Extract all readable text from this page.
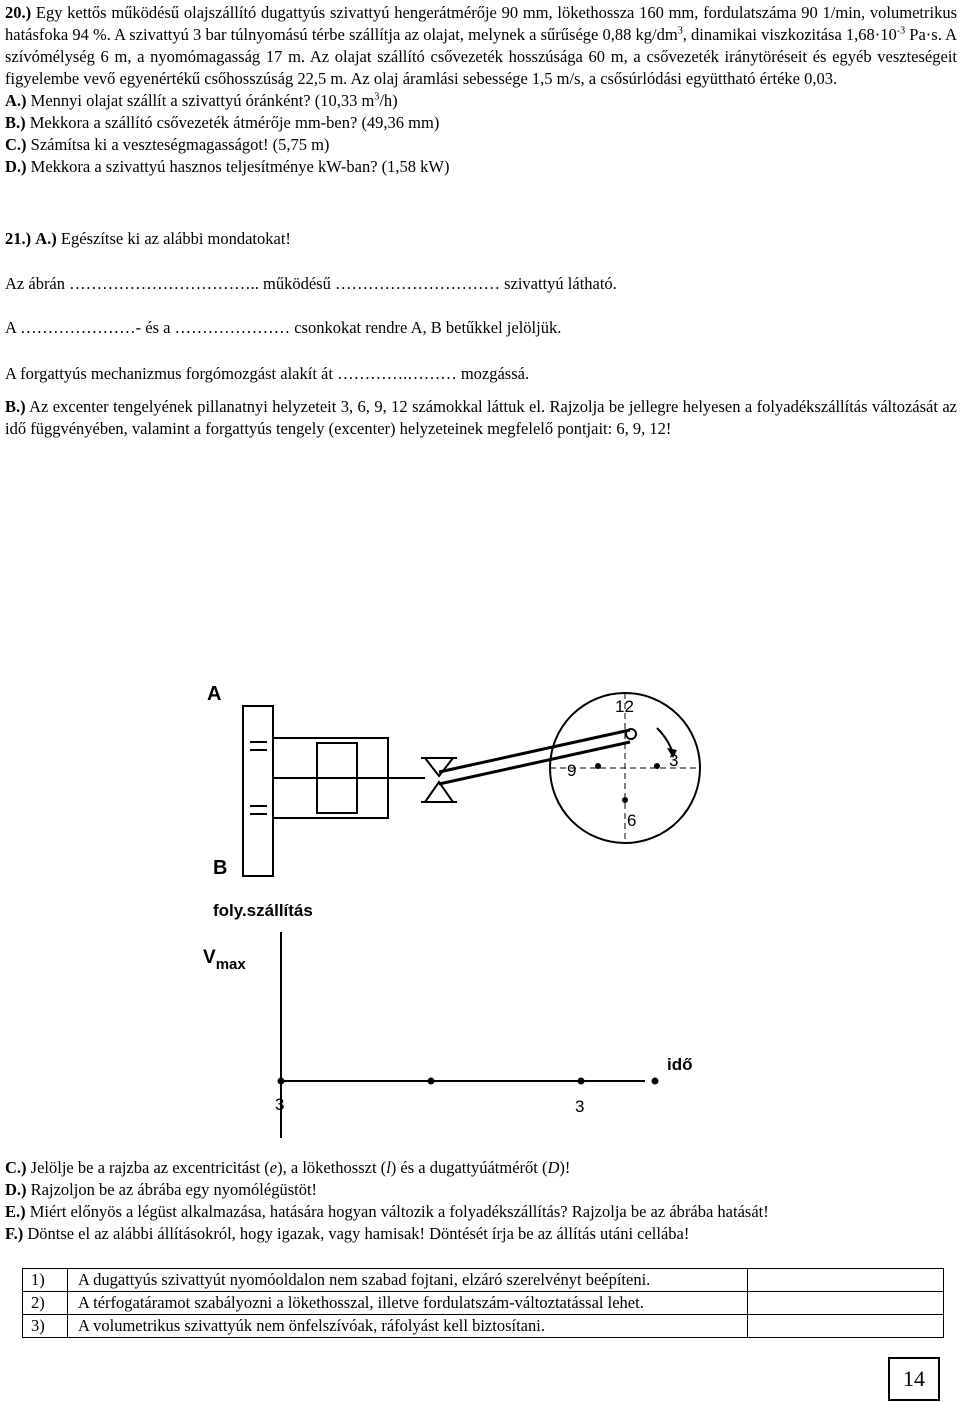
20.) Egy kettős működésű olajszállító dugattyús szivattyú hengerátmérője 90 mm, lökethossza 160 mm, fordulatszáma 90 1/min, volumetrikus hatásfoka 94 %. A szivattyú 3 bar túlnyomású térbe szállítja az olajat, melynek a sűrűsége 0,88 $kg/dm^3$, dinamikai viszkozitása $1,68\cdot 10^{-3}$ Pa·s. A szívómélység 6 m, a nyomómagasság 17 m. Az olajat szállító csővezeték hosszúsága 60 m, a csővezeték iránytöréseit és egyéb veszteségeit figyelembe vevő egyenértékű csőhosszúság 22,5 m. Az olaj áramlási sebessége 1,5 m/s, a csősúrlódási együttható értéke 0,03.
A.) Mennyi olajat szállít a szivattyú óránként? (10,33 $m^3/h$)
B.) Mekkora a szállító csővezeték átmérője mm-ben? (49,36 mm)
C.) Számítsa ki a veszteségmagasságot! (5,75 m)
D.) Mekkora a szivattyú hasznos teljesítménye kW-ban? (1,58 kW)
21.) A.) Egészítse ki az alábbi mondatokat!
Az ábrán …………………………….. működésű ………………………… szivattyú látható.
A …………………- és a ………………… csonkokat rendre A, B betűkkel jelöljük.
A forgattyús mechanizmus forgómozgást alakít át ………….……… mozgássá.
B.) Az excenter tengelyének pillanatnyi helyzeteit 3, 6, 9, 12 számokkal láttuk el. Rajzolja be jellegre helyesen a folyadékszállítás változását az idő függvényében, valamint a forgattyús tengely (excenter) helyzeteinek megfelelő pontjait: 6, 9, 12!
12
3
9
6
A
B
foly.szállítás
$V_{max}$
idő
3	3
C.) Jelölje be a rajzba az excentricitást (e), a lökethosszt (l) és a dugattyúátmérőt (D)!
D.) Rajzoljon be az ábrába egy nyomólégüstöt!
E.) Miért előnyös a légüst alkalmazása, hatására hogyan változik a folyadékszállítás? Rajzolja be az ábrába hatását!
F.) Döntse el az alábbi állításokról, hogy igazak, vagy hamisak! Döntését írja be az állítás utáni cellába!
1)	A dugattyús szivattyút nyomóoldalon nem szabad fojtani, elzáró szerelvényt beépíteni.	
2)	A térfogatáramot szabályozni a lökethosszal, illetve fordulatszám-változtatással lehet.	
3)	A volumetrikus szivattyúk nem önfelszívóak, ráfolyást kell biztosítani.	
14
